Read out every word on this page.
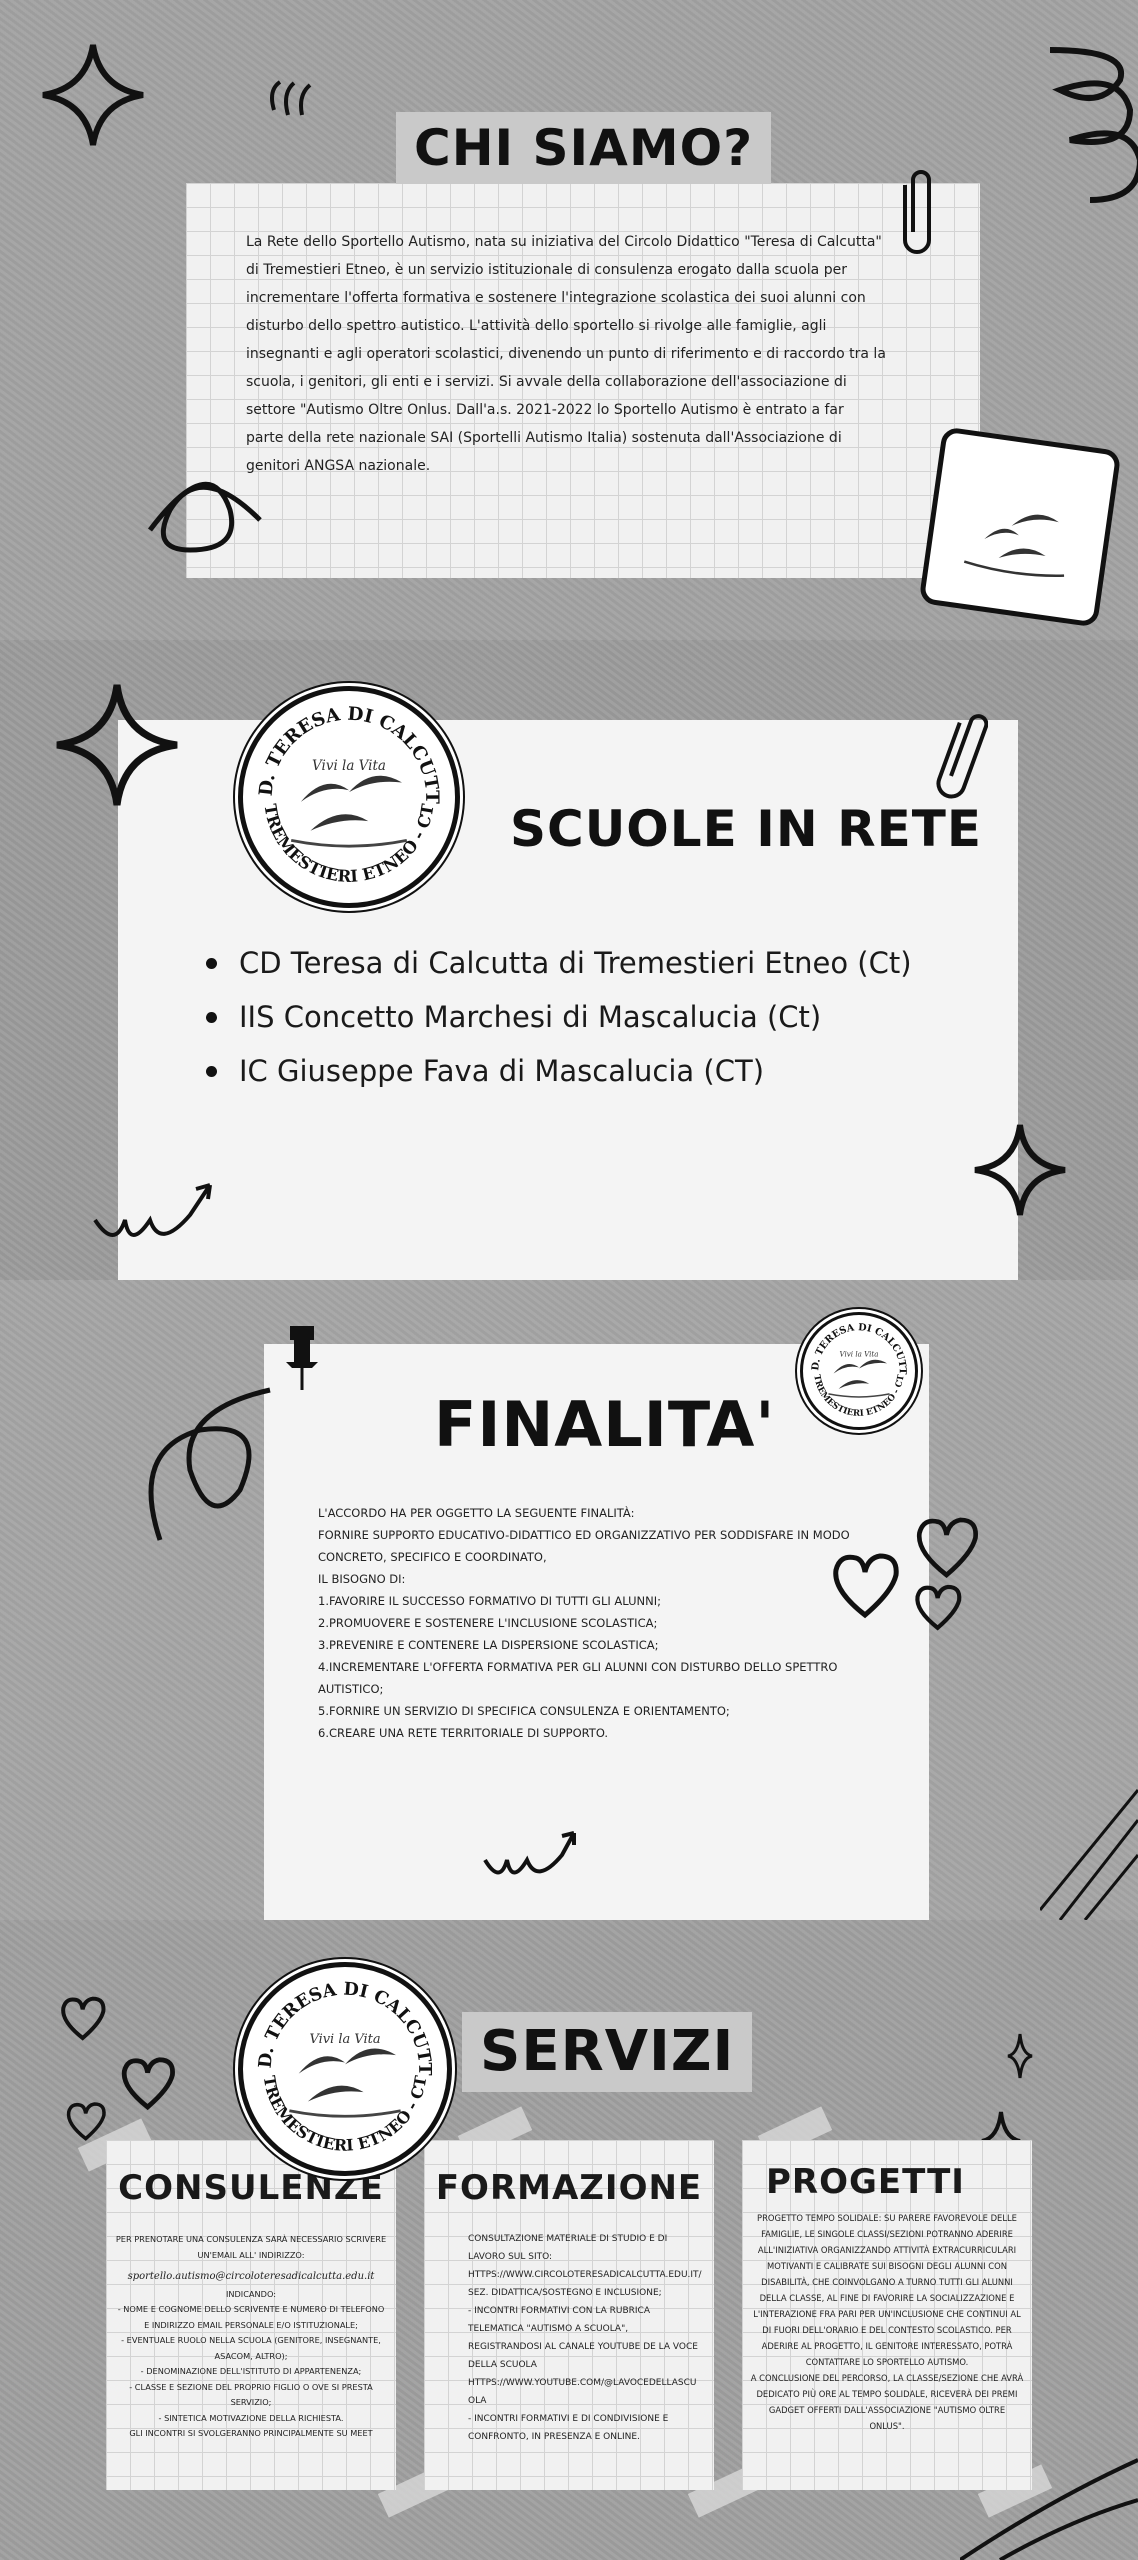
CHI SIAMO?
La Rete dello Sportello Autismo, nata su iniziativa del Circolo Didattico "Teresa di Calcutta"
di Tremestieri Etneo, è un servizio istituzionale di consulenza erogato dalla scuola per
incrementare l'offerta formativa e sostenere l'integrazione scolastica dei suoi alunni con
disturbo dello spettro autistico. L'attività dello sportello si rivolge alle famiglie, agli
insegnanti e agli operatori scolastici, divenendo un punto di riferimento e di raccordo tra la
scuola, i genitori, gli enti e i servizi. Si avvale della collaborazione dell'associazione di
settore "Autismo Oltre Onlus. Dall'a.s. 2021-2022 lo Sportello Autismo è entrato a far
parte della rete nazionale SAI (Sportelli Autismo Italia) sostenuta dall'Associazione di
genitori ANGSA nazionale.
SCUOLE IN RETE
CD Teresa di Calcutta di Tremestieri Etneo (Ct)
IIS Concetto Marchesi di Mascalucia (Ct)
IC Giuseppe Fava di Mascalucia (CT)
D. TERESA DI CALCUTT
TREMESTIERI ETNEO - CT
Vivi la Vita
FINALITA'
L'ACCORDO HA PER OGGETTO LA SEGUENTE FINALITÀ:
FORNIRE SUPPORTO EDUCATIVO-DIDATTICO ED ORGANIZZATIVO PER SODDISFARE IN MODO
CONCRETO, SPECIFICO E COORDINATO,
IL BISOGNO DI:
1.FAVORIRE IL SUCCESSO FORMATIVO DI TUTTI GLI ALUNNI;
2.PROMUOVERE E SOSTENERE L'INCLUSIONE SCOLASTICA;
3.PREVENIRE E CONTENERE LA DISPERSIONE SCOLASTICA;
4.INCREMENTARE L'OFFERTA FORMATIVA PER GLI ALUNNI CON DISTURBO DELLO SPETTRO AUTISTICO;
5.FORNIRE UN SERVIZIO DI SPECIFICA CONSULENZA E ORIENTAMENTO;
6.CREARE UNA RETE TERRITORIALE DI SUPPORTO.
D. TERESA DI CALCUTT
TREMESTIERI ETNEO - CT
Vivi la Vita
SERVIZI
CONSULENZE
PER PRENOTARE UNA CONSULENZA SARÀ NECESSARIO SCRIVERE UN'EMAIL ALL' INDIRIZZO:
sportello.autismo@circoloteresadicalcutta.edu.it
INDICANDO:
- NOME E COGNOME DELLO SCRIVENTE E NUMERO DI TELEFONO E INDIRIZZO EMAIL PERSONALE E/O ISTITUZIONALE;
- EVENTUALE RUOLO NELLA SCUOLA (GENITORE, INSEGNANTE, ASACOM, ALTRO);
- DENOMINAZIONE DELL'ISTITUTO DI APPARTENENZA;
- CLASSE E SEZIONE DEL PROPRIO FIGLIO O OVE SI PRESTA SERVIZIO;
- SINTETICA MOTIVAZIONE DELLA RICHIESTA.
GLI INCONTRI SI SVOLGERANNO PRINCIPALMENTE SU MEET
FORMAZIONE
CONSULTAZIONE MATERIALE DI STUDIO E DI LAVORO SUL SITO:
HTTPS://WWW.CIRCOLOTERESADICALCUTTA.EDU.IT/ SEZ. DIDATTICA/SOSTEGNO E INCLUSIONE;
- INCONTRI FORMATIVI CON LA RUBRICA TELEMATICA "AUTISMO A SCUOLA", REGISTRANDOSI AL CANALE YOUTUBE DE LA VOCE DELLA SCUOLA
HTTPS://WWW.YOUTUBE.COM/@LAVOCEDELLASCUOLA
- INCONTRI FORMATIVI E DI CONDIVISIONE E CONFRONTO, IN PRESENZA E ONLINE.
PROGETTI
PROGETTO TEMPO SOLIDALE: SU PARERE FAVOREVOLE DELLE FAMIGLIE, LE SINGOLE CLASSI/SEZIONI POTRANNO ADERIRE ALL'INIZIATIVA ORGANIZZANDO ATTIVITÀ EXTRACURRICULARI MOTIVANTI E CALIBRATE SUI BISOGNI DEGLI ALUNNI CON DISABILITÀ, CHE COINVOLGANO A TURNO TUTTI GLI ALUNNI DELLA CLASSE, AL FINE DI FAVORIRE LA SOCIALIZZAZIONE E L'INTERAZIONE FRA PARI PER UN'INCLUSIONE CHE CONTINUI AL DI FUORI DELL'ORARIO E DEL CONTESTO SCOLASTICO. PER ADERIRE AL PROGETTO, IL GENITORE INTERESSATO, POTRÀ CONTATTARE LO SPORTELLO AUTISMO.
A CONCLUSIONE DEL PERCORSO, LA CLASSE/SEZIONE CHE AVRÀ DEDICATO PIÙ ORE AL TEMPO SOLIDALE, RICEVERÀ DEI PREMI GADGET OFFERTI DALL'ASSOCIAZIONE "AUTISMO OLTRE ONLUS".
D. TERESA DI CALCUTT
TREMESTIERI ETNEO - CT
Vivi la Vita
